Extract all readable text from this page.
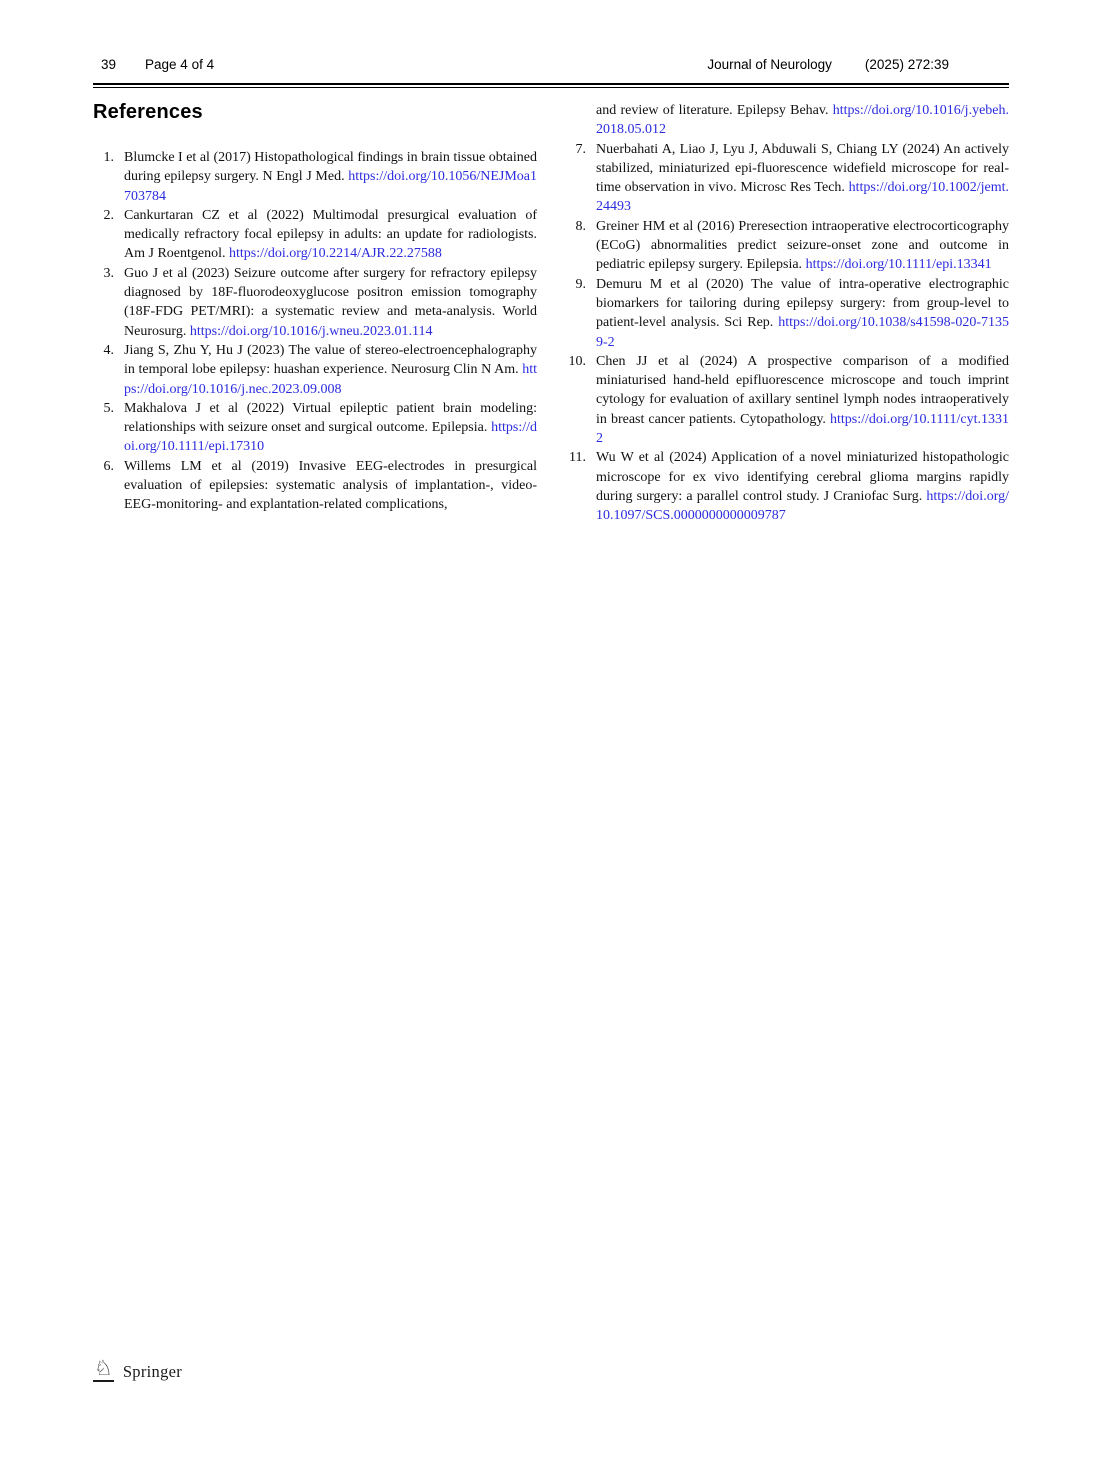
39 Page 4 of 4	Journal of Neurology (2025) 272:39
References
1. Blumcke I et al (2017) Histopathological findings in brain tissue obtained during epilepsy surgery. N Engl J Med. https://doi.org/10.1056/NEJMoa1703784
2. Cankurtaran CZ et al (2022) Multimodal presurgical evaluation of medically refractory focal epilepsy in adults: an update for radiologists. Am J Roentgenol. https://doi.org/10.2214/AJR.22.27588
3. Guo J et al (2023) Seizure outcome after surgery for refractory epilepsy diagnosed by 18F-fluorodeoxyglucose positron emission tomography (18F-FDG PET/MRI): a systematic review and meta-analysis. World Neurosurg. https://doi.org/10.1016/j.wneu.2023.01.114
4. Jiang S, Zhu Y, Hu J (2023) The value of stereo-electroencephalography in temporal lobe epilepsy: huashan experience. Neurosurg Clin N Am. https://doi.org/10.1016/j.nec.2023.09.008
5. Makhalova J et al (2022) Virtual epileptic patient brain modeling: relationships with seizure onset and surgical outcome. Epilepsia. https://doi.org/10.1111/epi.17310
6. Willems LM et al (2019) Invasive EEG-electrodes in presurgical evaluation of epilepsies: systematic analysis of implantation-, video-EEG-monitoring- and explantation-related complications,

and review of literature. Epilepsy Behav. https://doi.org/10.1016/j.yebeh.2018.05.012

7. Nuerbahati A, Liao J, Lyu J, Abduwali S, Chiang LY (2024) An actively stabilized, miniaturized epi-fluorescence widefield microscope for real-time observation in vivo. Microsc Res Tech. https://doi.org/10.1002/jemt.24493
8. Greiner HM et al (2016) Preresection intraoperative electrocorticography (ECoG) abnormalities predict seizure-onset zone and outcome in pediatric epilepsy surgery. Epilepsia. https://doi.org/10.1111/epi.13341
9. Demuru M et al (2020) The value of intra-operative electrographic biomarkers for tailoring during epilepsy surgery: from group-level to patient-level analysis. Sci Rep. https://doi.org/10.1038/s41598-020-71359-2
10. Chen JJ et al (2024) A prospective comparison of a modified miniaturised hand-held epifluorescence microscope and touch imprint cytology for evaluation of axillary sentinel lymph nodes intraoperatively in breast cancer patients. Cytopathology. https://doi.org/10.1111/cyt.13312
11. Wu W et al (2024) Application of a novel miniaturized histopathologic microscope for ex vivo identifying cerebral glioma margins rapidly during surgery: a parallel control study. J Craniofac Surg. https://doi.org/10.1097/SCS.0000000000009787
♘ Springer
